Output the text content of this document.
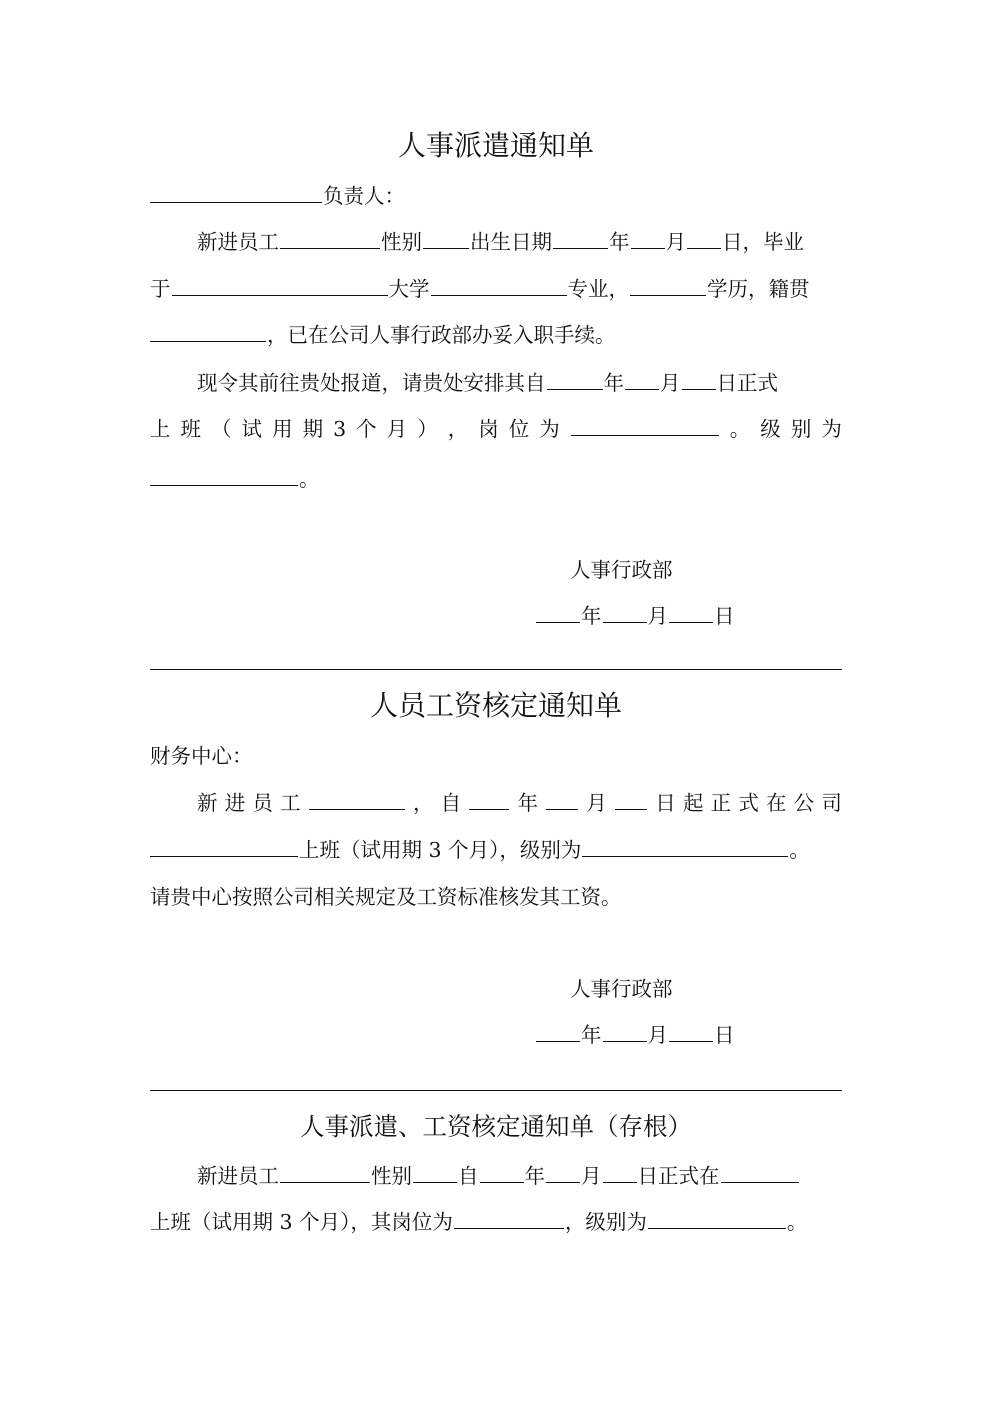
人事派遣通知单
负责人：
新进员工	性别 出生日期	年 月 日，毕业
于	大学	专业，	学历，籍贯
，已在公司人事行政部办妥入职手续。
现令其前往贵处报道，请贵处安排其自	年 月 日正式
上 班 （ 试 用 期 3 个 月 ） ， 岗 位 为	。 级 别 为
。
人事行政部
年 月 日
人员工资核定通知单
财务中心：
新 进 员 工	， 自	年 月 日 起 正 式 在 公 司
上班（试用期 3 个月），级别为	。
请贵中心按照公司相关规定及工资标准核发其工资。
人事行政部
年 月 日
人事派遣、工资核定通知单（存根）
新进员工	性别 自 年 月 日正式在
上班（试用期 3 个月），其岗位为	，级别为	。
